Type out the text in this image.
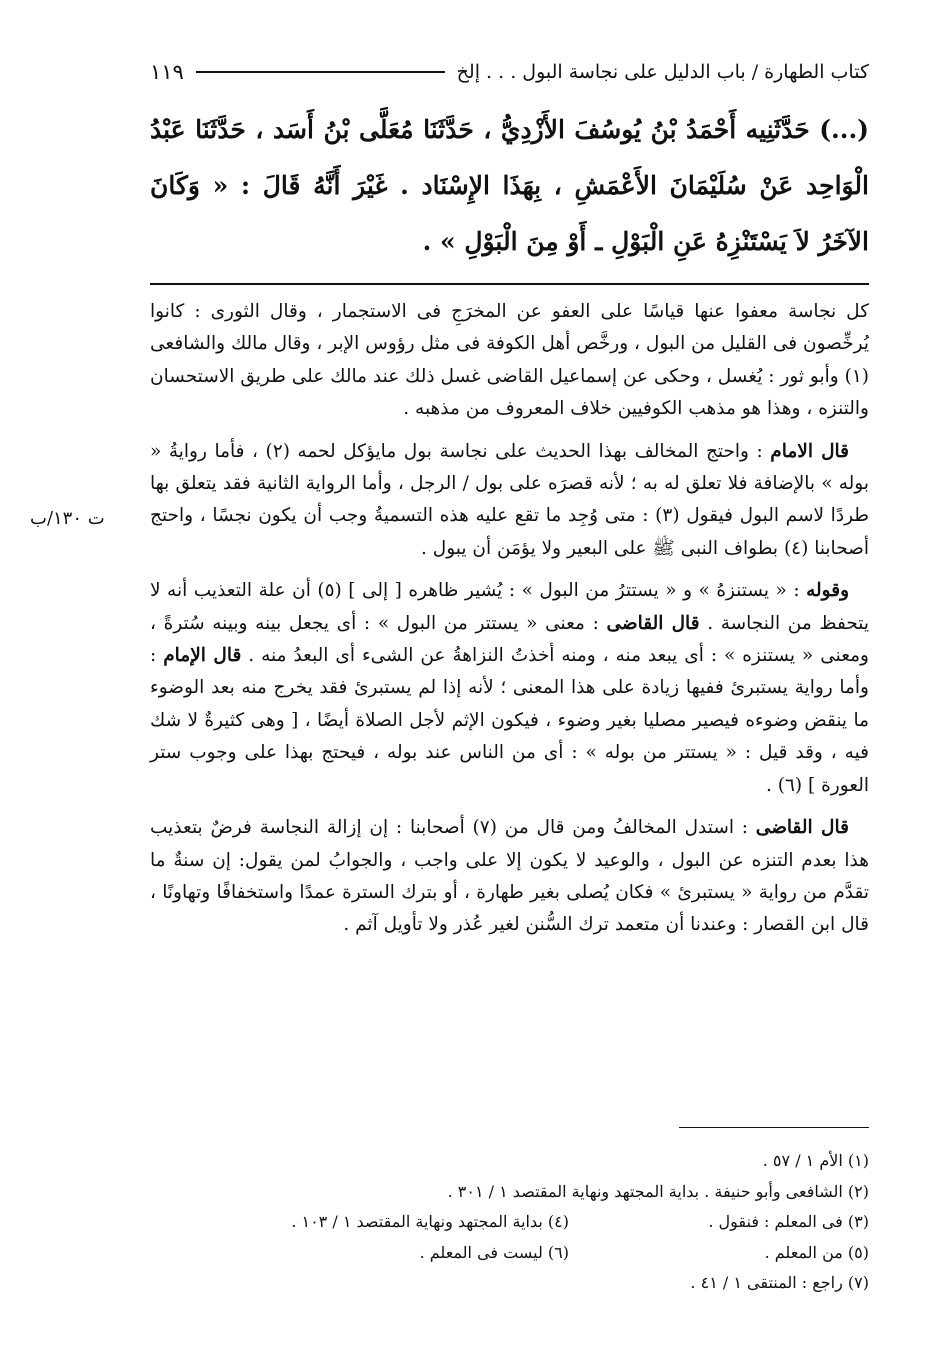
كتاب الطهارة / باب الدليل على نجاسة البول . . . إلخ
١١٩
(...) حَدَّثَنِيه أَحْمَدُ بْنُ يُوسُفَ الأَزْدِيُّ ، حَدَّثَنَا مُعَلَّى بْنُ أَسَد ، حَدَّثَنَا عَبْدُ الْوَاحِد عَنْ سُلَيْمَانَ الأَعْمَشِ ، بِهَذَا الإِسْنَاد . غَيْرَ أَنَّهُ قَالَ : « وَكَانَ الآخَرُ لاَ يَسْتَنْزِهُ عَنِ الْبَوْلِ ـ أَوْ مِنَ الْبَوْلِ » .
ت ١٣٠/ب

كل نجاسة معفوا عنها قياسًا على العفو عن المخرَجِ فى الاستجمار ، وقال الثورى : كانوا يُرخِّصون فى القليل من البول ، ورخَّص أهل الكوفة فى مثل رؤوس الإبر ، وقال مالك والشافعى (١) وأبو ثور : يُغسل ، وحكى عن إسماعيل القاضى غسل ذلك عند مالك على طريق الاستحسان والتنزه ، وهذا هو مذهب الكوفيين خلاف المعروف من مذهبه .

قال الامام : واحتج المخالف بهذا الحديث على نجاسة بول مايؤكل لحمه (٢) ، فأما روايةُ « بوله » بالإضافة فلا تعلق له به ؛ لأنه قصرَه على بول / الرجل ، وأما الرواية الثانية فقد يتعلق بها طردًا لاسم البول فيقول (٣) : متى وُجِد ما تقع عليه هذه التسميةُ وجب أن يكون نجسًا ، واحتج أصحابنا (٤) بطواف النبى ﷺ على البعير ولا يؤمَن أن يبول .

وقوله : « يستنزهُ » و « يستترُ من البول » : يُشير ظاهره [ إلى ] (٥) أن علة التعذيب أنه لا يتحفظ من النجاسة . قال القاضى : معنى « يستتر من البول » : أى يجعل بينه وبينه سُترةً ، ومعنى « يستنزه » : أى يبعد منه ، ومنه أخذتُ النزاهةُ عن الشىء أى البعدُ منه . قال الإمام : وأما رواية يستبرئ ففيها زيادة على هذا المعنى ؛ لأنه إذا لم يستبرئ فقد يخرج منه بعد الوضوء ما ينقض وضوءه فيصير مصليا بغير وضوء ، فيكون الإثم لأجل الصلاة أيضًا ، [ وهى كثيرةٌ لا شك فيه ، وقد قيل : « يستتر من بوله » : أى من الناس عند بوله ، فيحتج بهذا على وجوب ستر العورة ] (٦) .

قال القاضى : استدل المخالفُ ومن قال من (٧) أصحابنا : إن إزالة النجاسة فرضٌ بتعذيب هذا بعدم التنزه عن البول ، والوعيد لا يكون إلا على واجب ، والجوابُ لمن يقول: إن سنةٌ ما تقدَّم من رواية « يستبرئ » فكان يُصلى بغير طهارة ، أو بترك السترة عمدًا واستخفافًا وتهاونًا ، قال ابن القصار : وعندنا أن متعمد ترك السُّنن لغير عُذر ولا تأويل آثم .

(١) الأم ١ / ٥٧ .
(٢) الشافعى وأبو حنيفة . بداية المجتهد ونهاية المقتصد ١ / ٣٠١ .
(٣) فى المعلم : فنقول .
(٤) بداية المجتهد ونهاية المقتصد ١ / ١٠٣ .
(٥) من المعلم .
(٦) ليست فى المعلم .
(٧) راجع : المنتقى ١ / ٤١ .
